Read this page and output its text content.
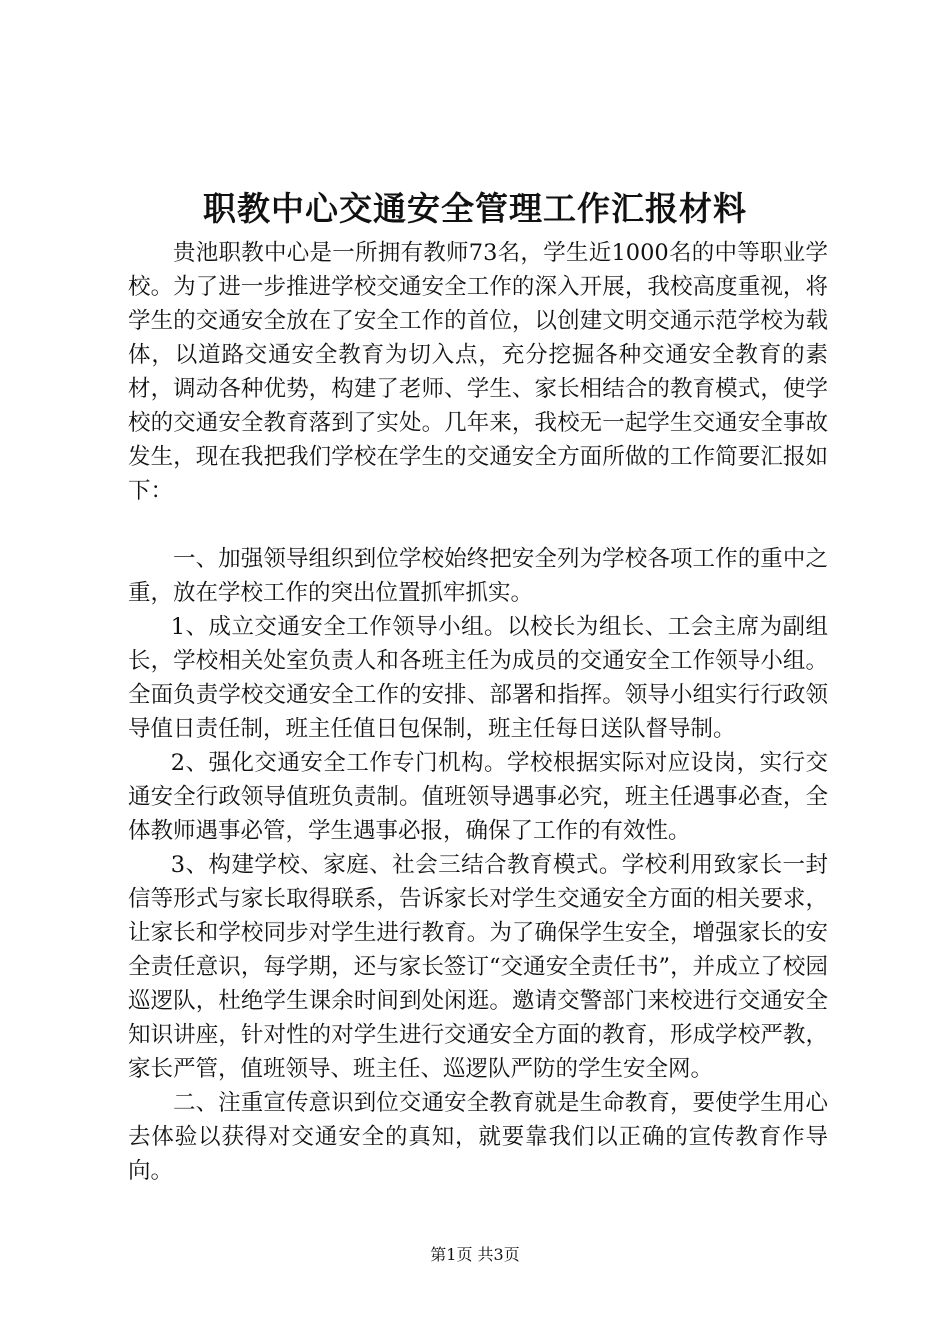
职教中心交通安全管理工作汇报材料

贵池职教中心是一所拥有教师73名，学生近1000名的中等职业学校。为了进一步推进学校交通安全工作的深入开展，我校高度重视，将学生的交通安全放在了安全工作的首位，以创建文明交通示范学校为载体，以道路交通安全教育为切入点，充分挖掘各种交通安全教育的素材，调动各种优势，构建了老师、学生、家长相结合的教育模式，使学校的交通安全教育落到了实处。几年来，我校无一起学生交通安全事故发生，现在我把我们学校在学生的交通安全方面所做的工作简要汇报如下：

一、加强领导组织到位学校始终把安全列为学校各项工作的重中之重，放在学校工作的突出位置抓牢抓实。

1、成立交通安全工作领导小组。以校长为组长、工会主席为副组长，学校相关处室负责人和各班主任为成员的交通安全工作领导小组。全面负责学校交通安全工作的安排、部署和指挥。领导小组实行行政领导值日责任制，班主任值日包保制，班主任每日送队督导制。

2、强化交通安全工作专门机构。学校根据实际对应设岗，实行交通安全行政领导值班负责制。值班领导遇事必究，班主任遇事必查，全体教师遇事必管，学生遇事必报，确保了工作的有效性。

3、构建学校、家庭、社会三结合教育模式。学校利用致家长一封信等形式与家长取得联系，告诉家长对学生交通安全方面的相关要求，让家长和学校同步对学生进行教育。为了确保学生安全，增强家长的安全责任意识，每学期，还与家长签订“交通安全责任书”，并成立了校园巡逻队，杜绝学生课余时间到处闲逛。邀请交警部门来校进行交通安全知识讲座，针对性的对学生进行交通安全方面的教育，形成学校严教，家长严管，值班领导、班主任、巡逻队严防的学生安全网。

二、注重宣传意识到位交通安全教育就是生命教育，要使学生用心去体验以获得对交通安全的真知，就要靠我们以正确的宣传教育作导向。

第1页 共3页
